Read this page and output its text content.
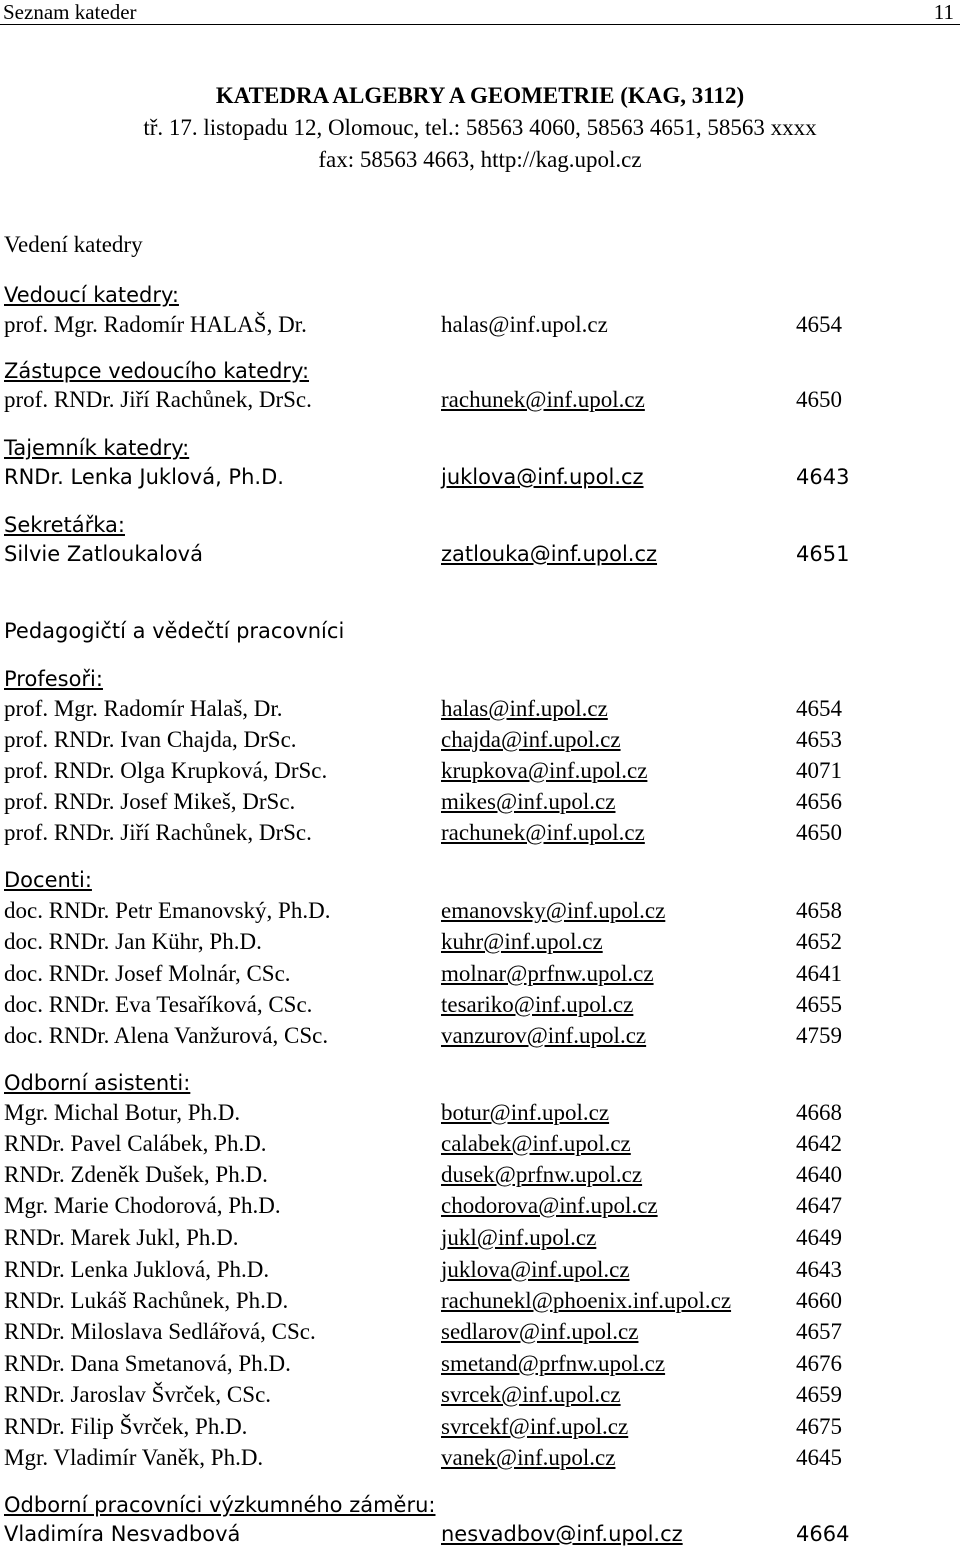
Seznam kateder	11
KATEDRA ALGEBRY A GEOMETRIE (KAG, 3112)
tř. 17. listopadu 12, Olomouc, tel.: 58563 4060, 58563 4651, 58563 xxxx
fax: 58563 4663, http://kag.upol.cz
Vedení katedry
Vedoucí katedry:
prof. Mgr. Radomír HALAŠ, Dr.	halas@inf.upol.cz	4654
Zástupce vedoucího katedry:
prof. RNDr. Jiří Rachůnek, DrSc.	rachunek@inf.upol.cz	4650
Tajemník katedry:
RNDr. Lenka Juklová, Ph.D.	juklova@inf.upol.cz	4643
Sekretářka:
Silvie Zatloukalová	zatlouka@inf.upol.cz	4651
Pedagogičtí a vědečtí pracovníci
Profesoři:
prof. Mgr. Radomír Halaš, Dr.	halas@inf.upol.cz	4654
prof. RNDr. Ivan Chajda, DrSc.	chajda@inf.upol.cz	4653
prof. RNDr. Olga Krupková, DrSc.	krupkova@inf.upol.cz	4071
prof. RNDr. Josef Mikeš, DrSc.	mikes@inf.upol.cz	4656
prof. RNDr. Jiří Rachůnek, DrSc.	rachunek@inf.upol.cz	4650
Docenti:
doc. RNDr. Petr Emanovský, Ph.D.	emanovsky@inf.upol.cz	4658
doc. RNDr. Jan Kühr, Ph.D.	kuhr@inf.upol.cz	4652
doc. RNDr. Josef Molnár, CSc.	molnar@prfnw.upol.cz	4641
doc. RNDr. Eva Tesaříková, CSc.	tesariko@inf.upol.cz	4655
doc. RNDr. Alena Vanžurová, CSc.	vanzurov@inf.upol.cz	4759
Odborní asistenti:
Mgr. Michal Botur, Ph.D.	botur@inf.upol.cz	4668
RNDr. Pavel Calábek, Ph.D.	calabek@inf.upol.cz	4642
RNDr. Zdeněk Dušek, Ph.D.	dusek@prfnw.upol.cz	4640
Mgr. Marie Chodorová, Ph.D.	chodorova@inf.upol.cz	4647
RNDr. Marek Jukl, Ph.D.	jukl@inf.upol.cz	4649
RNDr. Lenka Juklová, Ph.D.	juklova@inf.upol.cz	4643
RNDr. Lukáš Rachůnek, Ph.D.	rachunekl@phoenix.inf.upol.cz	4660
RNDr. Miloslava Sedlářová, CSc.	sedlarov@inf.upol.cz	4657
RNDr. Dana Smetanová, Ph.D.	smetand@prfnw.upol.cz	4676
RNDr. Jaroslav Švrček, CSc.	svrcek@inf.upol.cz	4659
RNDr. Filip Švrček, Ph.D.	svrcekf@inf.upol.cz	4675
Mgr. Vladimír Vaněk, Ph.D.	vanek@inf.upol.cz	4645
Odborní pracovníci výzkumného záměru:
Vladimíra Nesvadbová	nesvadbov@inf.upol.cz	4664
